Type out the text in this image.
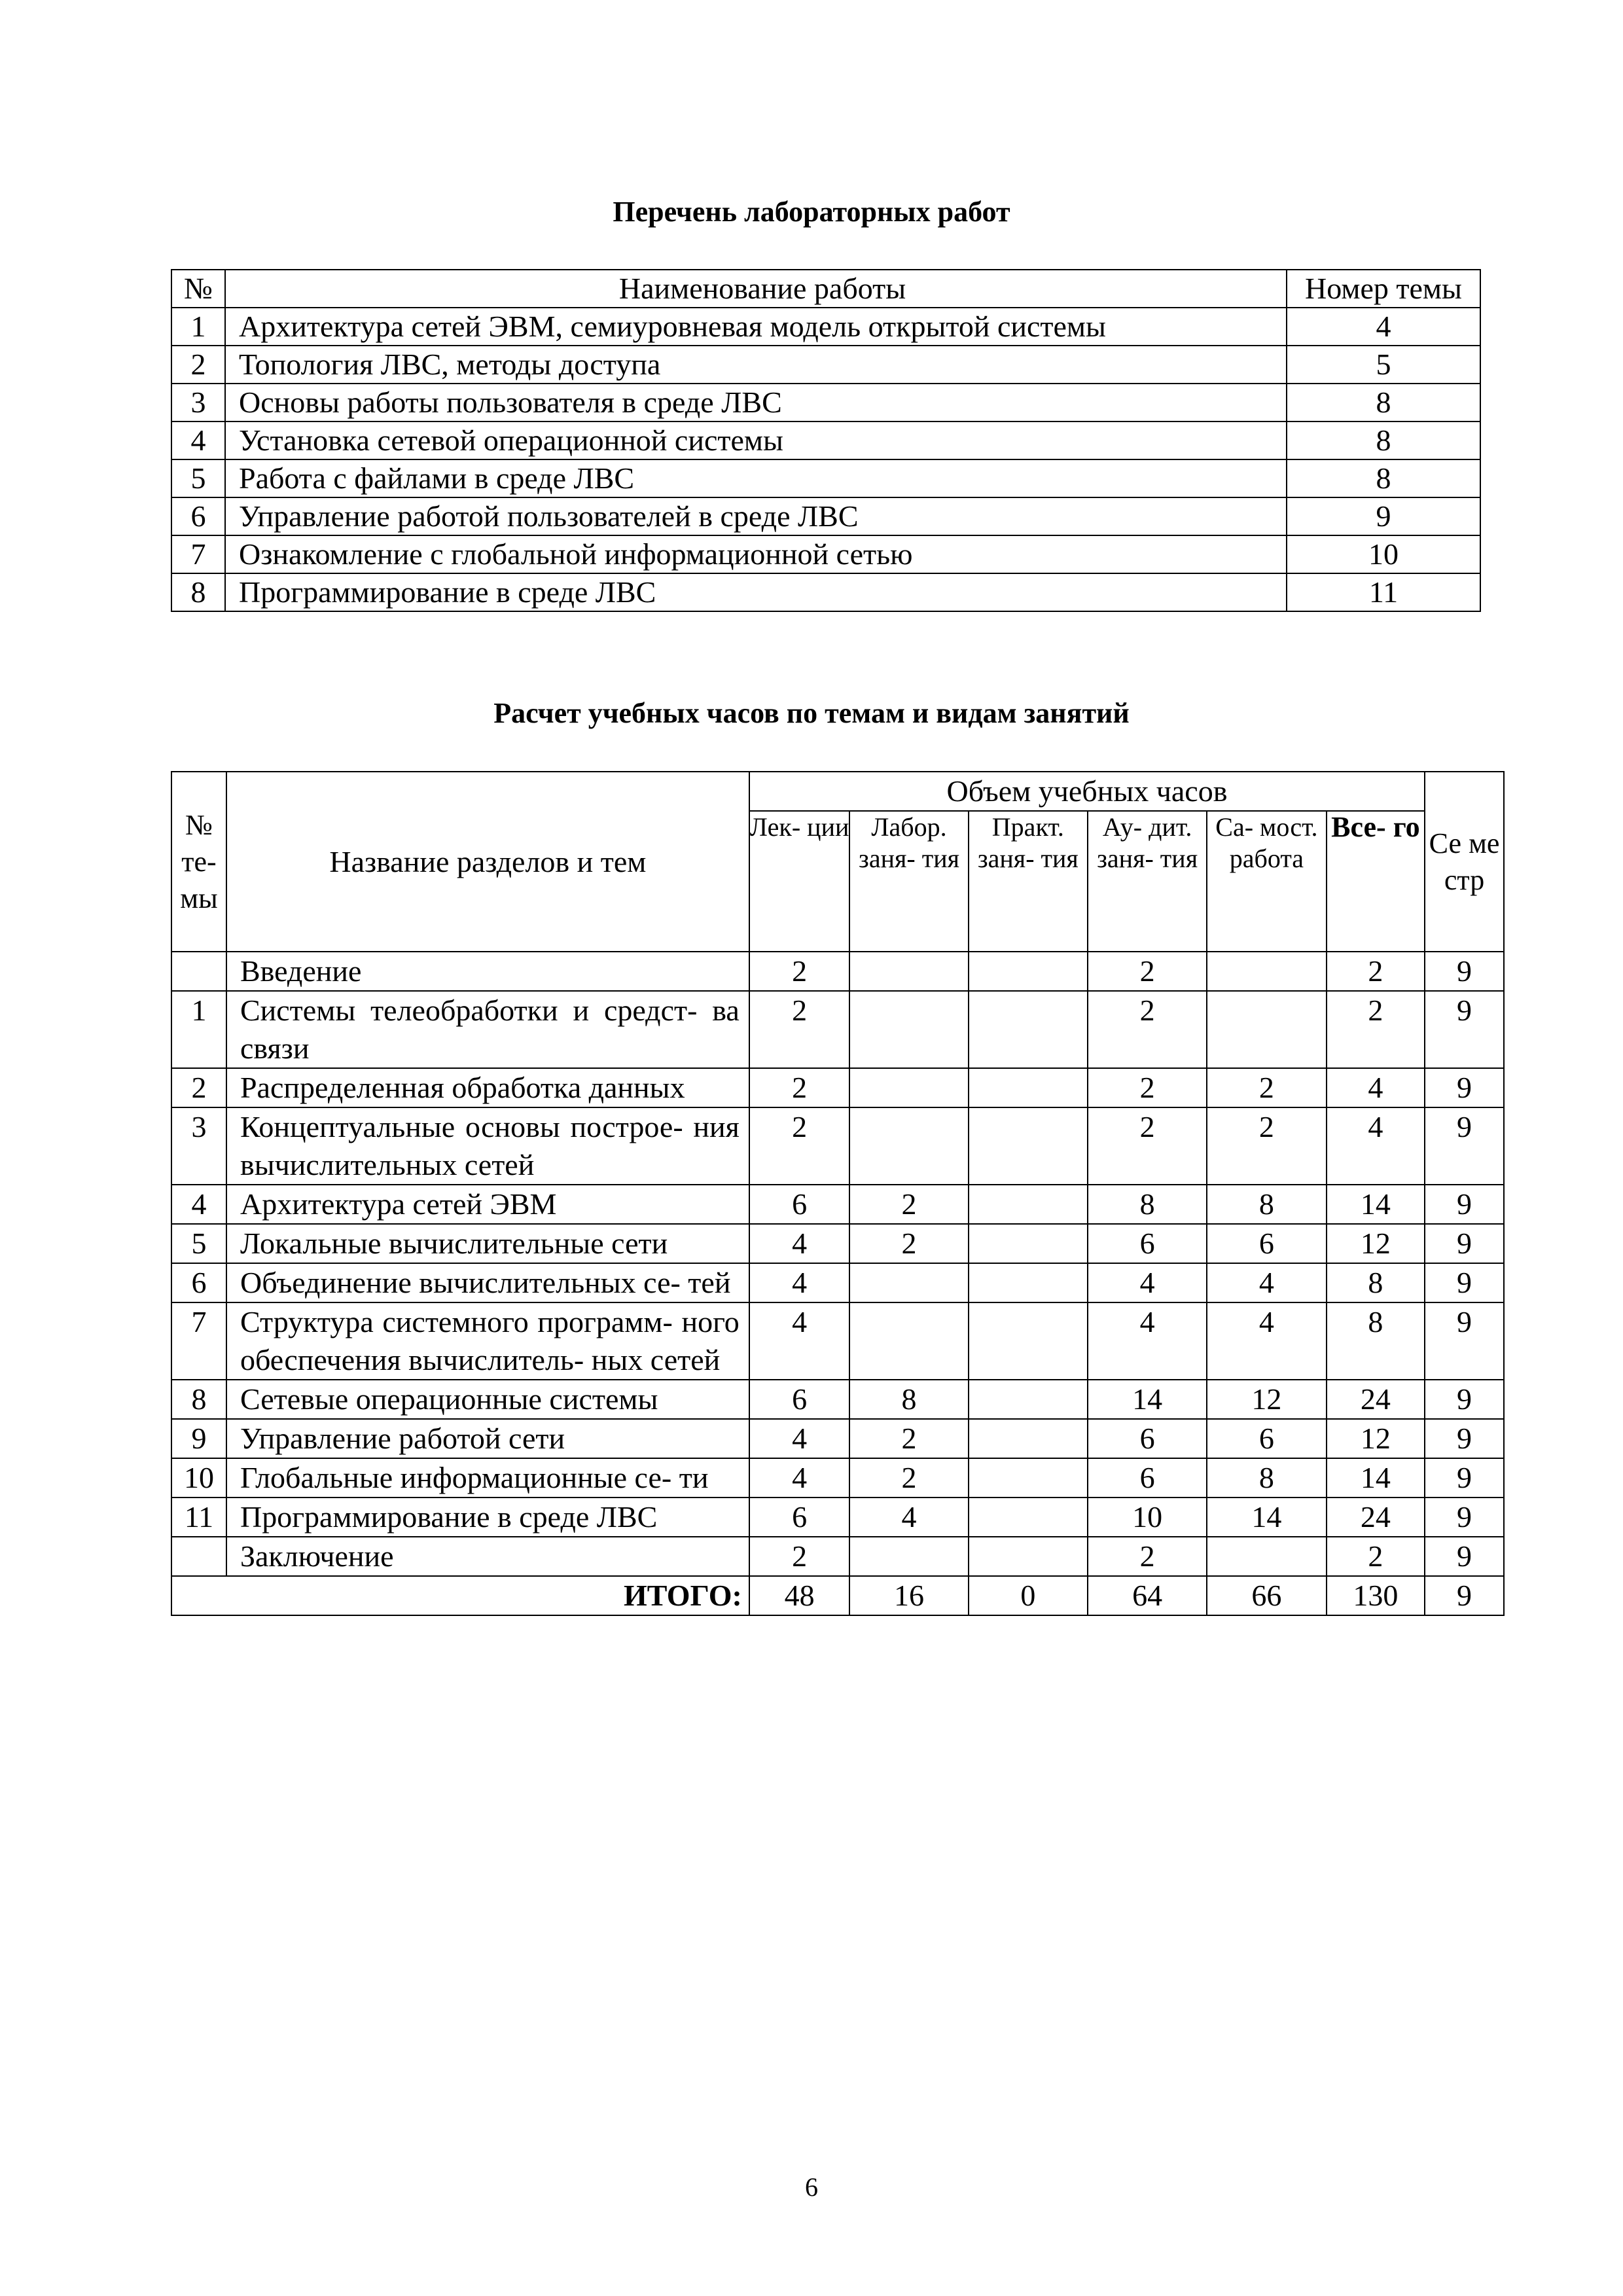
Перечень лабораторных работ
№	Наименование работы	Номер темы
1	Архитектура сетей ЭВМ, семиуровневая модель открытой системы	4
2	Топология ЛВС, методы доступа	5
3	Основы работы пользователя в среде ЛВС	8
4	Установка сетевой операционной системы	8
5	Работа с файлами в среде ЛВС	8
6	Управление работой пользователей в среде ЛВС	9
7	Ознакомление с глобальной информационной сетью	10
8	Программирование в среде ЛВС	11
Расчет учебных часов по темам и видам занятий
№ те- мы	Название разделов и тем	Объем учебных часов						Се ме стр
		Лек- ции	Лабор. заня- тия	Практ. заня- тия	Ау- дит. заня- тия	Са- мост. работа	Все- го	
	Введение	2			2		2	9
1	Системы телеобработки и средст- ва связи	2			2		2	9
2	Распределенная обработка данных	2			2	2	4	9
3	Концептуальные основы построе- ния вычислительных сетей	2			2	2	4	9
4	Архитектура сетей ЭВМ	6	2		8	8	14	9
5	Локальные вычислительные сети	4	2		6	6	12	9
6	Объединение вычислительных се- тей	4			4	4	8	9
7	Структура системного программ- ного обеспечения вычислитель- ных сетей	4			4	4	8	9
8	Сетевые операционные системы	6	8		14	12	24	9
9	Управление работой сети	4	2		6	6	12	9
10	Глобальные информационные се- ти	4	2		6	8	14	9
11	Программирование в среде ЛВС	6	4		10	14	24	9
	Заключение	2			2		2	9
ИТОГО:		48	16	0	64	66	130	9
6
